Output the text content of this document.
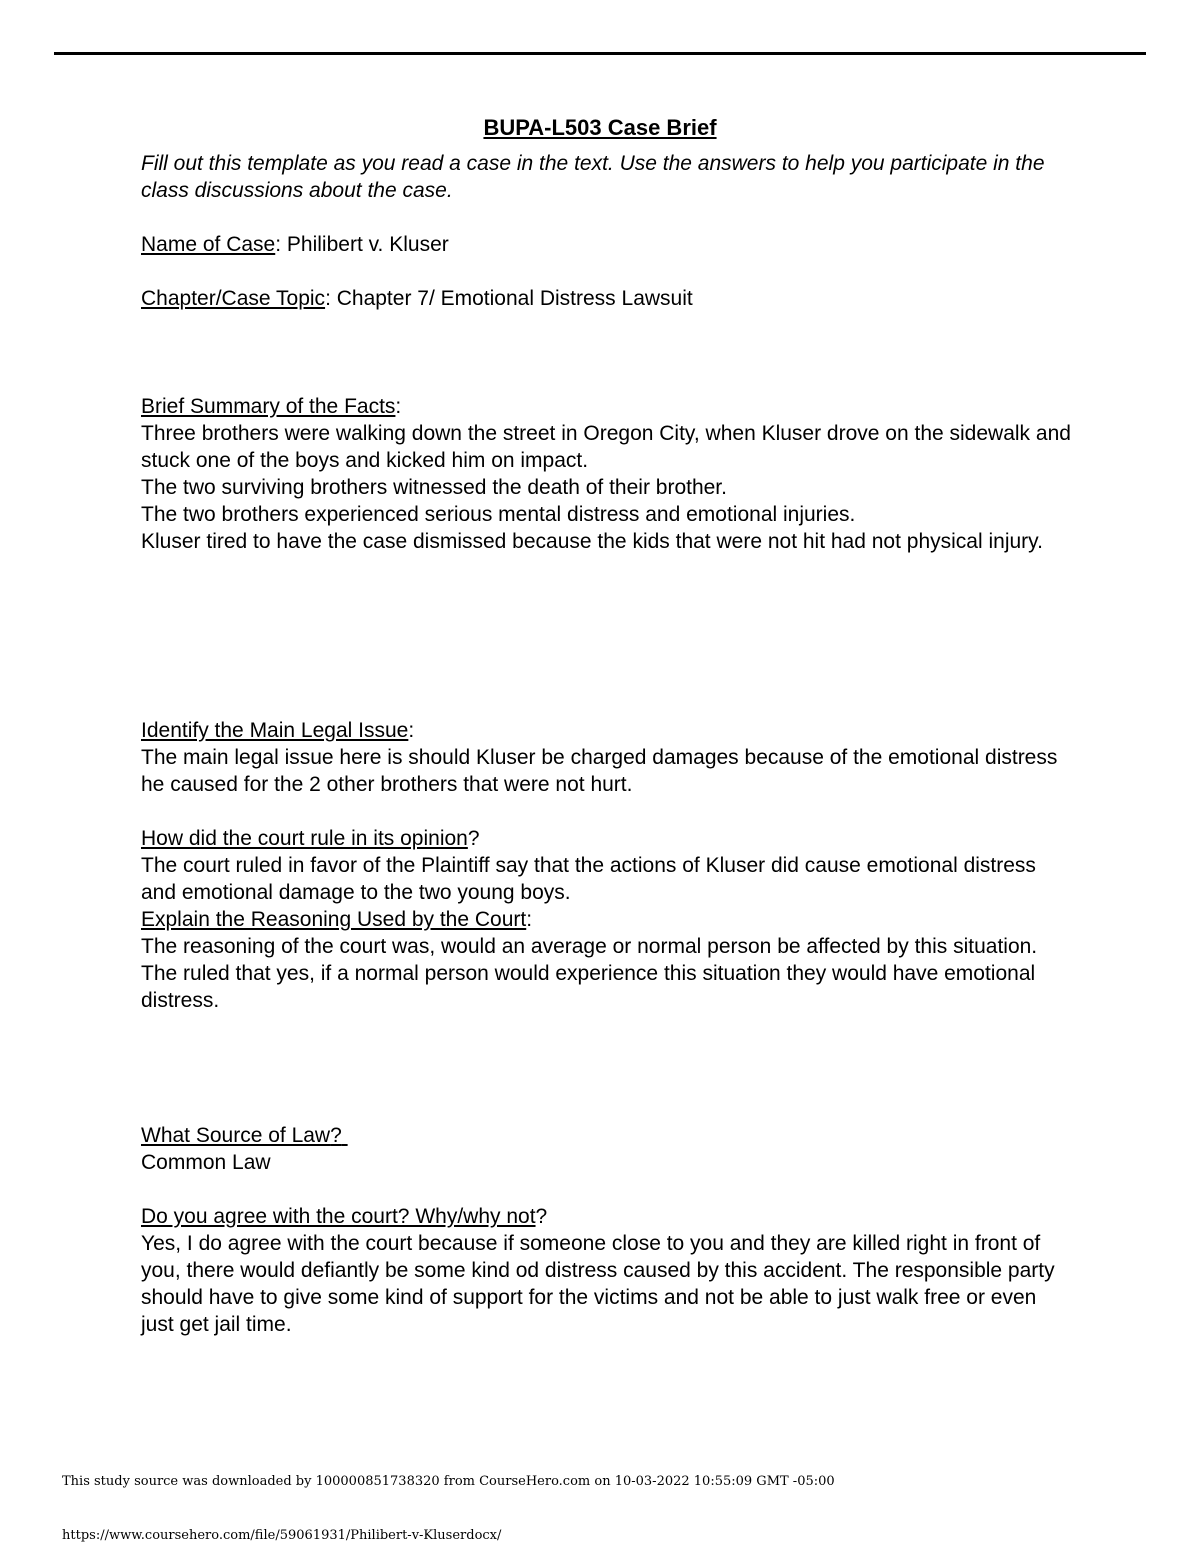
BUPA-L503 Case Brief

Fill out this template as you read a case in the text. Use the answers to help you participate in the class discussions about the case.

Name of Case: Philibert v. Kluser

Chapter/Case Topic: Chapter 7/ Emotional Distress Lawsuit

Brief Summary of the Facts:

Three brothers were walking down the street in Oregon City, when Kluser drove on the sidewalk and stuck one of the boys and kicked him on impact.

The two surviving brothers witnessed the death of their brother.

The two brothers experienced serious mental distress and emotional injuries.

Kluser tired to have the case dismissed because the kids that were not hit had not physical injury.

Identify the Main Legal Issue:

The main legal issue here is should Kluser be charged damages because of the emotional distress he caused for the 2 other brothers that were not hurt.

How did the court rule in its opinion?

The court ruled in favor of the Plaintiff say that the actions of Kluser did cause emotional distress and emotional damage to the two young boys.

Explain the Reasoning Used by the Court:

The reasoning of the court was, would an average or normal person be affected by this situation. The ruled that yes, if a normal person would experience this situation they would have emotional distress.

What Source of Law?

Common Law

Do you agree with the court? Why/why not?

Yes, I do agree with the court because if someone close to you and they are killed right in front of you, there would defiantly be some kind od distress caused by this accident. The responsible party should have to give some kind of support for the victims and not be able to just walk free or even just get jail time.

This study source was downloaded by 100000851738320 from CourseHero.com on 10-03-2022 10:55:09 GMT -05:00
https://www.coursehero.com/file/59061931/Philibert-v-Kluserdocx/
